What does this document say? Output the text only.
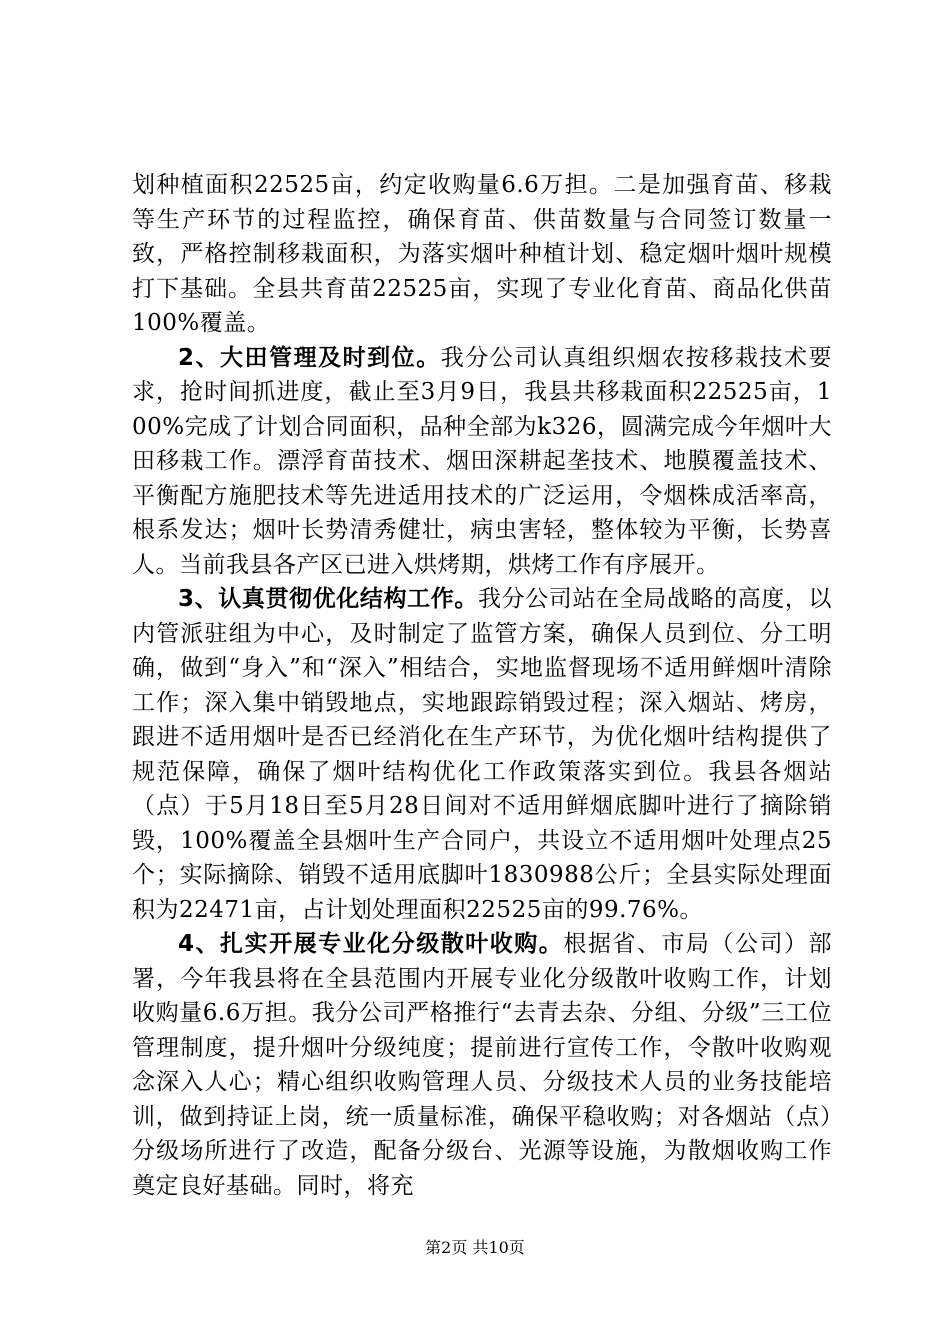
划种植面积22525亩，约定收购量6.6万担。二是加强育苗、移栽等生产环节的过程监控，确保育苗、供苗数量与合同签订数量一致，严格控制移栽面积，为落实烟叶种植计划、稳定烟叶烟叶规模打下基础。全县共育苗22525亩，实现了专业化育苗、商品化供苗100%覆盖。

2、大田管理及时到位。我分公司认真组织烟农按移栽技术要求，抢时间抓进度，截止至3月9日，我县共移栽面积22525亩，100%完成了计划合同面积，品种全部为k326，圆满完成今年烟叶大田移栽工作。漂浮育苗技术、烟田深耕起垄技术、地膜覆盖技术、平衡配方施肥技术等先进适用技术的广泛运用，令烟株成活率高，根系发达；烟叶长势清秀健壮，病虫害轻，整体较为平衡，长势喜人。当前我县各产区已进入烘烤期，烘烤工作有序展开。

3、认真贯彻优化结构工作。我分公司站在全局战略的高度，以内管派驻组为中心，及时制定了监管方案，确保人员到位、分工明确，做到“身入”和“深入”相结合，实地监督现场不适用鲜烟叶清除工作；深入集中销毁地点，实地跟踪销毁过程；深入烟站、烤房，跟进不适用烟叶是否已经消化在生产环节，为优化烟叶结构提供了规范保障，确保了烟叶结构优化工作政策落实到位。我县各烟站（点）于5月18日至5月28日间对不适用鲜烟底脚叶进行了摘除销毁，100%覆盖全县烟叶生产合同户，共设立不适用烟叶处理点25个；实际摘除、销毁不适用底脚叶1830988公斤；全县实际处理面积为22471亩，占计划处理面积22525亩的99.76%。

4、扎实开展专业化分级散叶收购。根据省、市局（公司）部署，今年我县将在全县范围内开展专业化分级散叶收购工作，计划收购量6.6万担。我分公司严格推行“去青去杂、分组、分级”三工位管理制度，提升烟叶分级纯度；提前进行宣传工作，令散叶收购观念深入人心；精心组织收购管理人员、分级技术人员的业务技能培训，做到持证上岗，统一质量标准，确保平稳收购；对各烟站（点）分级场所进行了改造，配备分级台、光源等设施，为散烟收购工作奠定良好基础。同时，将充

第2页 共10页
